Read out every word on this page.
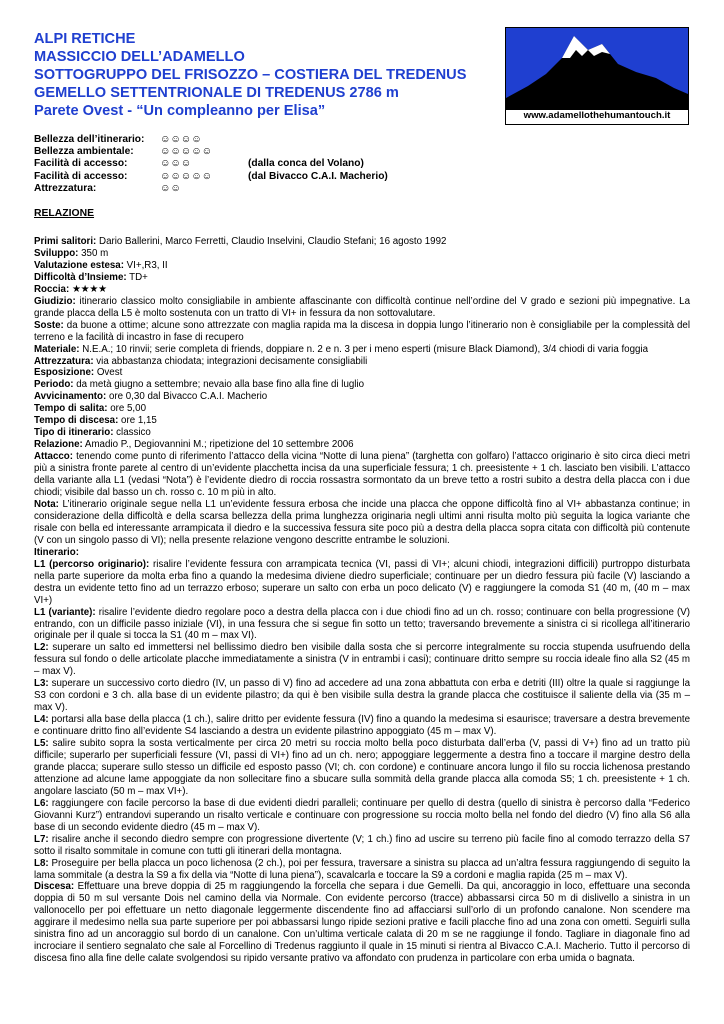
ALPI RETICHE
MASSICCIO DELL’ADAMELLO
SOTTOGRUPPO DEL FRISOZZO – COSTIERA DEL TREDENUS
GEMELLO SETTENTRIONALE DI TREDENUS 2786 m
Parete Ovest - “Un compleanno per Elisa”	www.adamellothehumantouch.it
Bellezza dell’itinerario:	☺☺☺☺
Bellezza ambientale:	☺☺☺☺☺
Facilità di accesso:	☺☺☺	(dalla conca del Volano)
Facilità di accesso:	☺☺☺☺☺	(dal Bivacco C.A.I. Macherio)
Attrezzatura:	☺☺
RELAZIONE

Primi salitori: Dario Ballerini, Marco Ferretti, Claudio Inselvini, Claudio Stefani; 16 agosto 1992

Sviluppo: 350 m

Valutazione estesa: VI+,R3, II

Difficoltà d’Insieme: TD+

Roccia: ★★★★

Giudizio: itinerario classico molto consigliabile in ambiente affascinante con difficoltà continue nell’ordine del V grado e sezioni più impegnative. La grande placca della L5 è molto sostenuta con un tratto di VI+ in fessura da non sottovalutare.

Soste: da buone a ottime; alcune sono attrezzate con maglia rapida ma la discesa in doppia lungo l’itinerario non è consigliabile per la complessità del terreno e la facilità di incastro in fase di recupero

Materiale: N.E.A.; 10 rinvii; serie completa di friends, doppiare n. 2 e n. 3 per i meno esperti (misure Black Diamond), 3/4 chiodi di varia foggia

Attrezzatura: via abbastanza chiodata; integrazioni decisamente consigliabili

Esposizione: Ovest

Periodo: da metà giugno a settembre; nevaio alla base fino alla fine di luglio

Avvicinamento: ore 0,30 dal Bivacco C.A.I. Macherio

Tempo di salita: ore 5,00

Tempo di discesa: ore 1,15

Tipo di itinerario: classico

Relazione: Amadio P., Degiovannini M.; ripetizione del 10 settembre 2006

Attacco: tenendo come punto di riferimento l’attacco della vicina “Notte di luna piena” (targhetta con golfaro) l’attacco originario è sito circa dieci metri più a sinistra fronte parete al centro di un’evidente placchetta incisa da una superficiale fessura; 1 ch. preesistente + 1 ch. lasciato ben visibili. L’attacco della variante alla L1 (vedasi “Nota”) è l’evidente diedro di roccia rossastra sormontato da un breve tetto a rostri subito a destra della placca con i due chiodi; visibile dal basso un ch. rosso c. 10 m più in alto.

Nota: L’itinerario originale segue nella L1 un’evidente fessura erbosa che incide una placca che oppone difficoltà fino al VI+ abbastanza continue; in considerazione della difficoltà e della scarsa bellezza della prima lunghezza originaria negli ultimi anni risulta molto più seguita la logica variante che risale con bella ed interessante arrampicata il diedro e la successiva fessura site poco più a destra della placca sopra citata con difficoltà più contenute (V con un singolo passo di VI); nella presente relazione vengono descritte entrambe le soluzioni.

Itinerario:

L1 (percorso originario): risalire l’evidente fessura con arrampicata tecnica (VI, passi di VI+; alcuni chiodi, integrazioni difficili) purtroppo disturbata nella parte superiore da molta erba fino a quando la medesima diviene diedro superficiale; continuare per un diedro fessura più facile (V) lasciando a destra un evidente tetto fino ad un terrazzo erboso; superare un salto con erba un poco delicato (V) e raggiungere la comoda S1 (40 m, (40 m – max VI+)

L1 (variante): risalire l’evidente diedro regolare poco a destra della placca con i due chiodi fino ad un ch. rosso; continuare con bella progressione (V) entrando, con un difficile passo iniziale (VI), in una fessura che si segue fin sotto un tetto; traversando brevemente a sinistra ci si ricollega all’itinerario originale per il quale si tocca la S1 (40 m – max VI).

L2: superare un salto ed immettersi nel bellissimo diedro ben visibile dalla sosta che si percorre integralmente su roccia stupenda usufruendo della fessura sul fondo o delle articolate placche immediatamente a sinistra (V in entrambi i casi); continuare dritto sempre su roccia ideale fino alla S2 (45 m – max V).

L3: superare un successivo corto diedro (IV, un passo di V) fino ad accedere ad una zona abbattuta con erba e detriti (III) oltre la quale si raggiunge la S3 con cordoni e 3 ch. alla base di un evidente pilastro; da qui è ben visibile sulla destra la grande placca che costituisce il saliente della via (35 m – max V).

L4: portarsi alla base della placca (1 ch.), salire dritto per evidente fessura (IV) fino a quando la medesima si esaurisce; traversare a destra brevemente e continuare dritto fino all’evidente S4 lasciando a destra un evidente pilastrino appoggiato (45 m – max V).

L5: salire subito sopra la sosta verticalmente per circa 20 metri su roccia molto bella poco disturbata dall’erba (V, passi di V+) fino ad un tratto più difficile; superarlo per superficiali fessure (VI, passi di VI+) fino ad un ch. nero; appoggiare leggermente a destra fino a toccare il margine destro della grande placca; superare sullo stesso un difficile ed esposto passo (VI; ch. con cordone) e continuare ancora lungo il filo su roccia lichenosa prestando attenzione ad alcune lame appoggiate da non sollecitare fino a sbucare sulla sommità della grande placca alla comoda S5; 1 ch. preesistente + 1 ch. angolare lasciato (50 m – max VI+).

L6: raggiungere con facile percorso la base di due evidenti diedri paralleli; continuare per quello di destra (quello di sinistra è percorso dalla “Federico Giovanni Kurz”) entrandovi superando un risalto verticale e continuare con progressione su roccia molto bella nel fondo del diedro (V) fino alla S6 alla base di un secondo evidente diedro (45 m – max V).

L7: risalire anche il secondo diedro sempre con progressione divertente (V; 1 ch.) fino ad uscire su terreno più facile fino al comodo terrazzo della S7 sotto il risalto sommitale in comune con tutti gli itinerari della montagna.

L8: Proseguire per bella placca un poco lichenosa (2 ch.), poi per fessura, traversare a sinistra su placca ad un’altra fessura raggiungendo di seguito la lama sommitale (a destra la S9 a fix della via “Notte di luna piena”), scavalcarla e toccare la S9 a cordoni e maglia rapida (25 m – max V).

Discesa: Effettuare una breve doppia di 25 m raggiungendo la forcella che separa i due Gemelli. Da qui, ancoraggio in loco, effettuare una seconda doppia di 50 m sul versante Dois nel camino della via Normale. Con evidente percorso (tracce) abbassarsi circa 50 m di dislivello a sinistra in un vallonocello per poi effettuare un netto diagonale leggermente discendente fino ad affacciarsi sull’orlo di un profondo canalone. Non scendere ma aggirare il medesimo nella sua parte superiore per poi abbassarsi lungo ripide sezioni prative e facili placche fino ad una zona con ometti. Seguirli sulla sinistra fino ad un ancoraggio sul bordo di un canalone. Con un’ultima verticale calata di 20 m se ne raggiunge il fondo. Tagliare in diagonale fino ad incrociare il sentiero segnalato che sale al Forcellino di Tredenus raggiunto il quale in 15 minuti si rientra al Bivacco C.A.I. Macherio. Tutto il percorso di discesa fino alla fine delle calate svolgendosi su ripido versante prativo va affondato con prudenza in particolare con erba umida o bagnata.
